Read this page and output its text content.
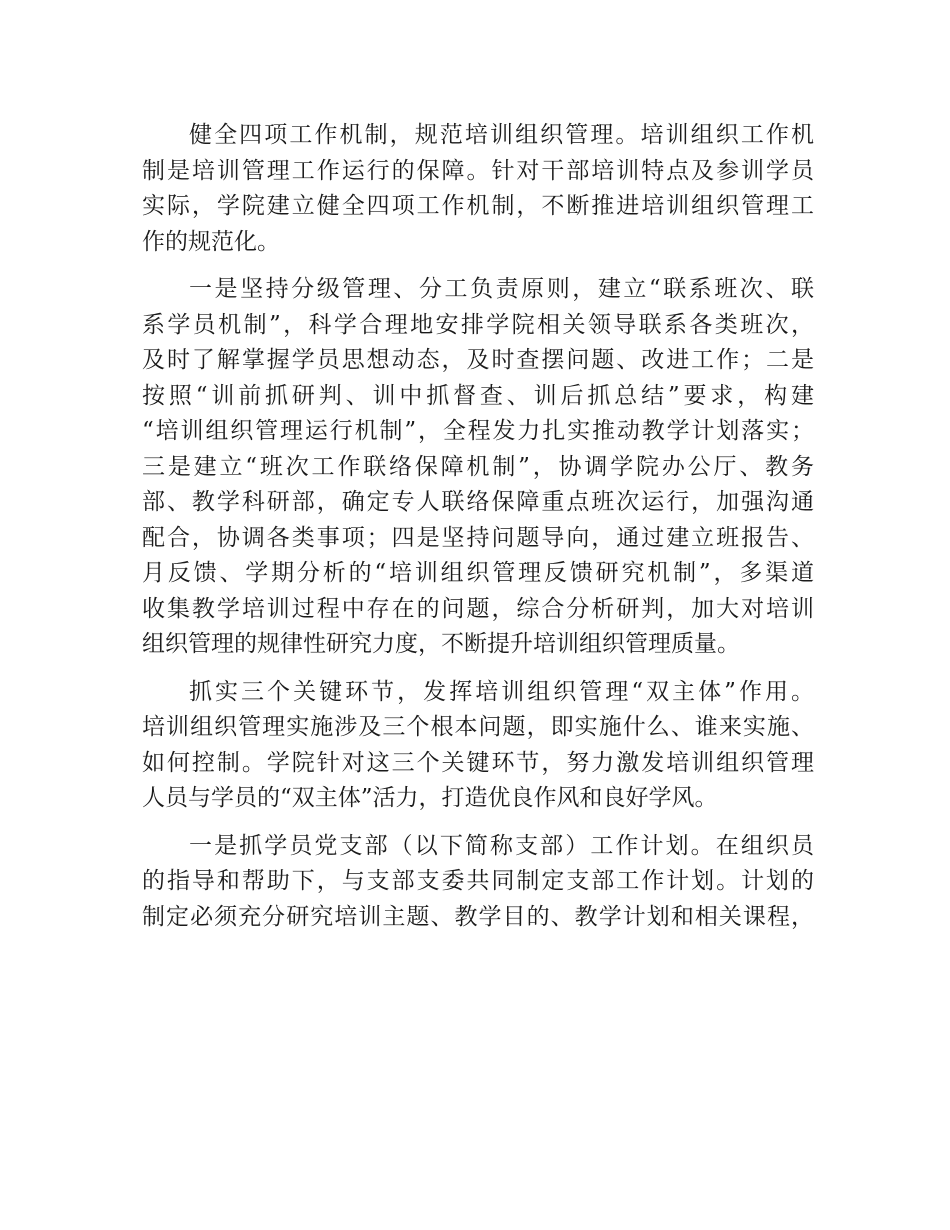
健全四项工作机制，规范培训组织管理。培训组织工作机
制是培训管理工作运行的保障。针对干部培训特点及参训学员
实际，学院建立健全四项工作机制，不断推进培训组织管理工
作的规范化。
一是坚持分级管理、分工负责原则，建立“联系班次、联
系学员机制”，科学合理地安排学院相关领导联系各类班次，
及时了解掌握学员思想动态，及时查摆问题、改进工作；二是
按照“训前抓研判、训中抓督查、训后抓总结”要求，构建
“培训组织管理运行机制”，全程发力扎实推动教学计划落实；
三是建立“班次工作联络保障机制”，协调学院办公厅、教务
部、教学科研部，确定专人联络保障重点班次运行，加强沟通
配合，协调各类事项；四是坚持问题导向，通过建立班报告、
月反馈、学期分析的“培训组织管理反馈研究机制”，多渠道
收集教学培训过程中存在的问题，综合分析研判，加大对培训
组织管理的规律性研究力度，不断提升培训组织管理质量。
抓实三个关键环节，发挥培训组织管理“双主体”作用。
培训组织管理实施涉及三个根本问题，即实施什么、谁来实施、
如何控制。学院针对这三个关键环节，努力激发培训组织管理
人员与学员的“双主体”活力，打造优良作风和良好学风。
一是抓学员党支部（以下简称支部）工作计划。在组织员
的指导和帮助下，与支部支委共同制定支部工作计划。计划的
制定必须充分研究培训主题、教学目的、教学计划和相关课程，
